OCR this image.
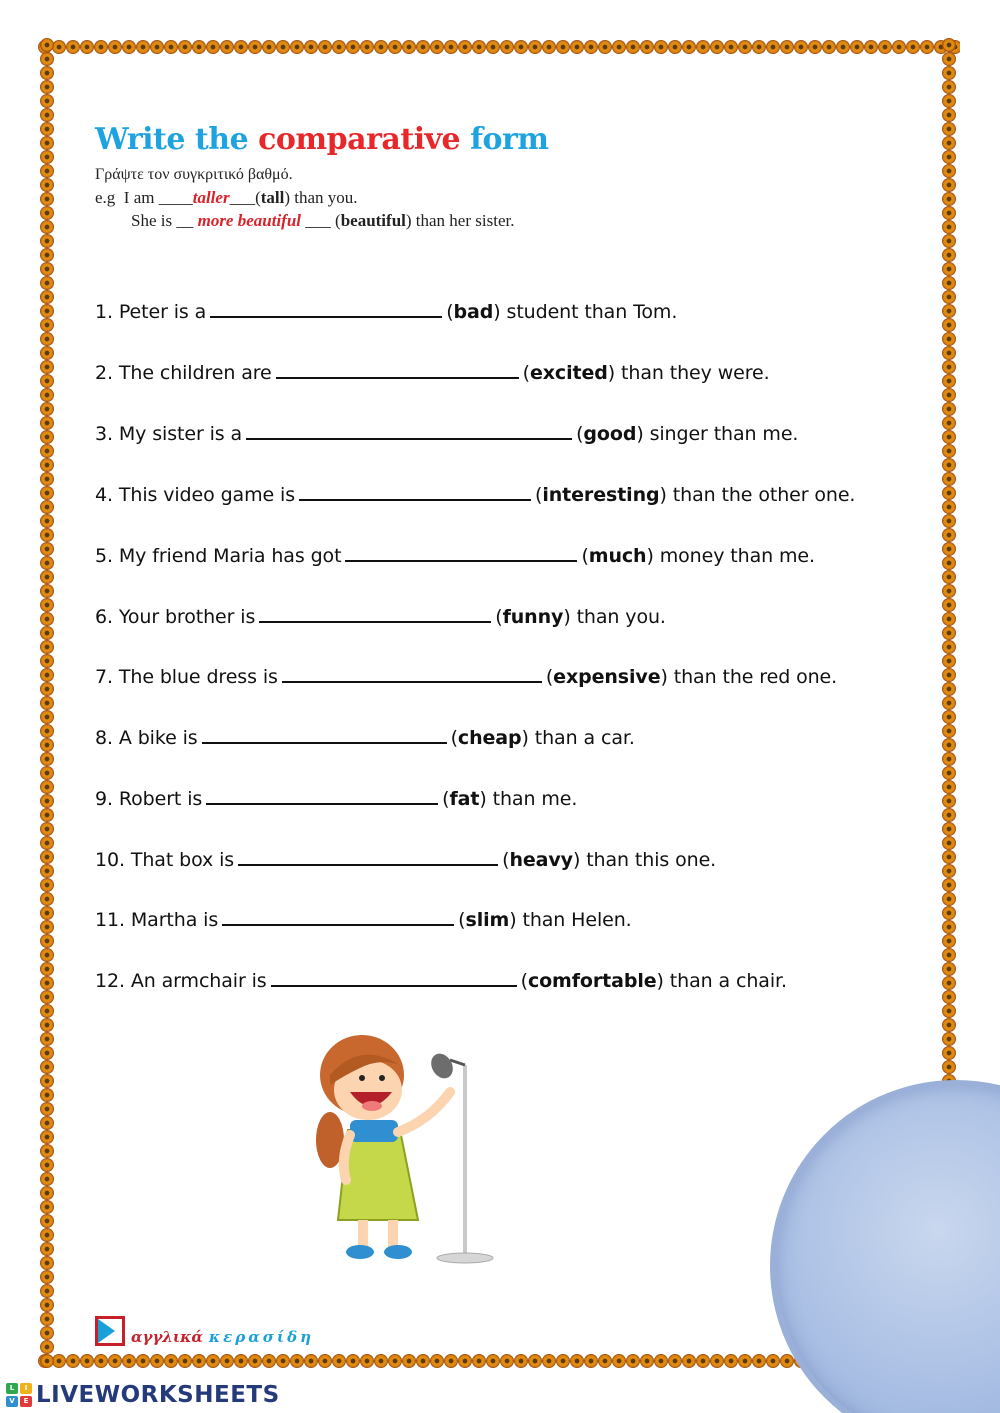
Write the comparative form
Γράψτε τον συγκριτικό βαθμό.
e.g  I am ____taller___(tall) than you.
She is __ more beautiful ___ (beautiful) than her sister.
1. Peter is a	(bad) student than Tom.
2. The children are	(excited) than they were.
3. My sister is a	(good) singer than me.
4. This video game is	(interesting) than the other one.
5. My friend Maria has got	(much) money than me.
6. Your brother is	(funny) than you.
7. The blue dress is	(expensive) than the red one.
8. A bike is	(cheap) than a car.
9. Robert is	(fat) than me.
10. That box is	(heavy) than this one.
11. Martha is	(slim) than Helen.
12. An armchair is	(comfortable) than a chair.
αγγλικά κερασίδη
L	I
V	E LIVEWORKSHEETS
